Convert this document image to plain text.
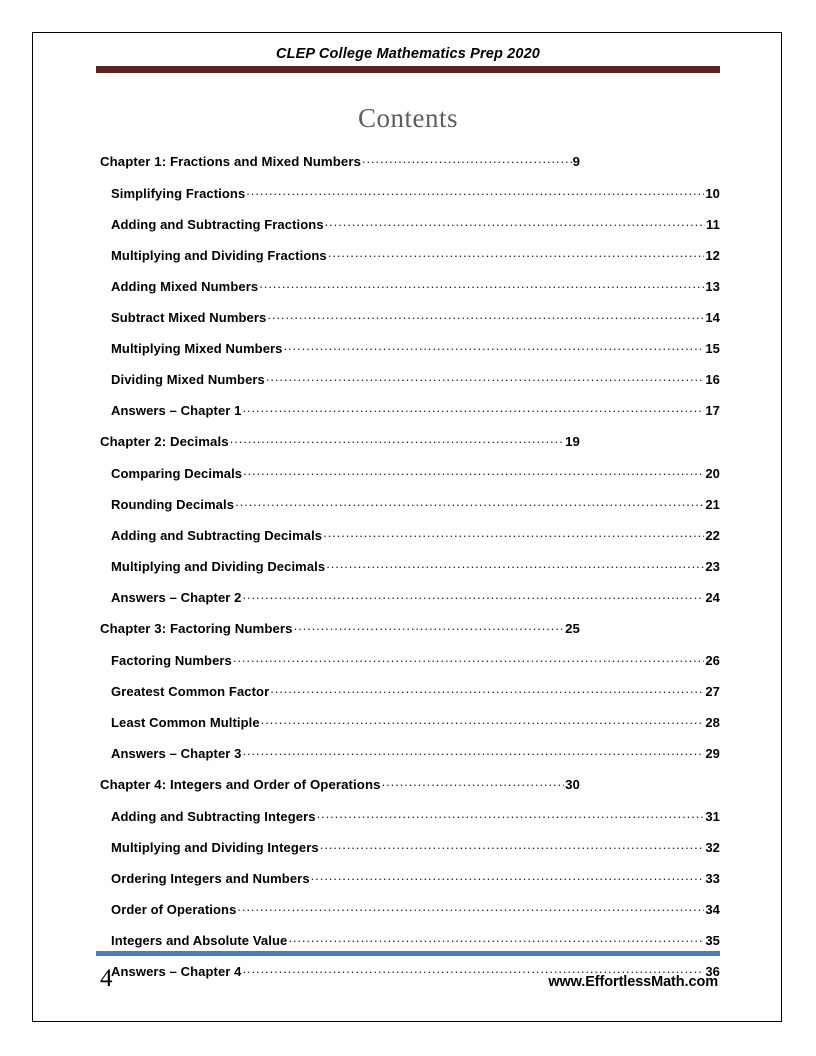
CLEP College Mathematics Prep 2020
Contents
Chapter 1: Fractions and Mixed Numbers .....	9
Simplifying Fractions .....	10
Adding and Subtracting Fractions .....	11
Multiplying and Dividing Fractions .....	12
Adding Mixed Numbers .....	13
Subtract Mixed Numbers .....	14
Multiplying Mixed Numbers .....	15
Dividing Mixed Numbers .....	16
Answers – Chapter 1 .....	17
Chapter 2: Decimals .....	19
Comparing Decimals .....	20
Rounding Decimals .....	21
Adding and Subtracting Decimals .....	22
Multiplying and Dividing Decimals .....	23
Answers – Chapter 2 .....	24
Chapter 3: Factoring Numbers .....	25
Factoring Numbers .....	26
Greatest Common Factor .....	27
Least Common Multiple .....	28
Answers – Chapter 3 .....	29
Chapter 4: Integers and Order of Operations .....	30
Adding and Subtracting Integers .....	31
Multiplying and Dividing Integers .....	32
Ordering Integers and Numbers .....	33
Order of Operations .....	34
Integers and Absolute Value .....	35
Answers – Chapter 4 .....	36
4	www.EffortlessMath.com
